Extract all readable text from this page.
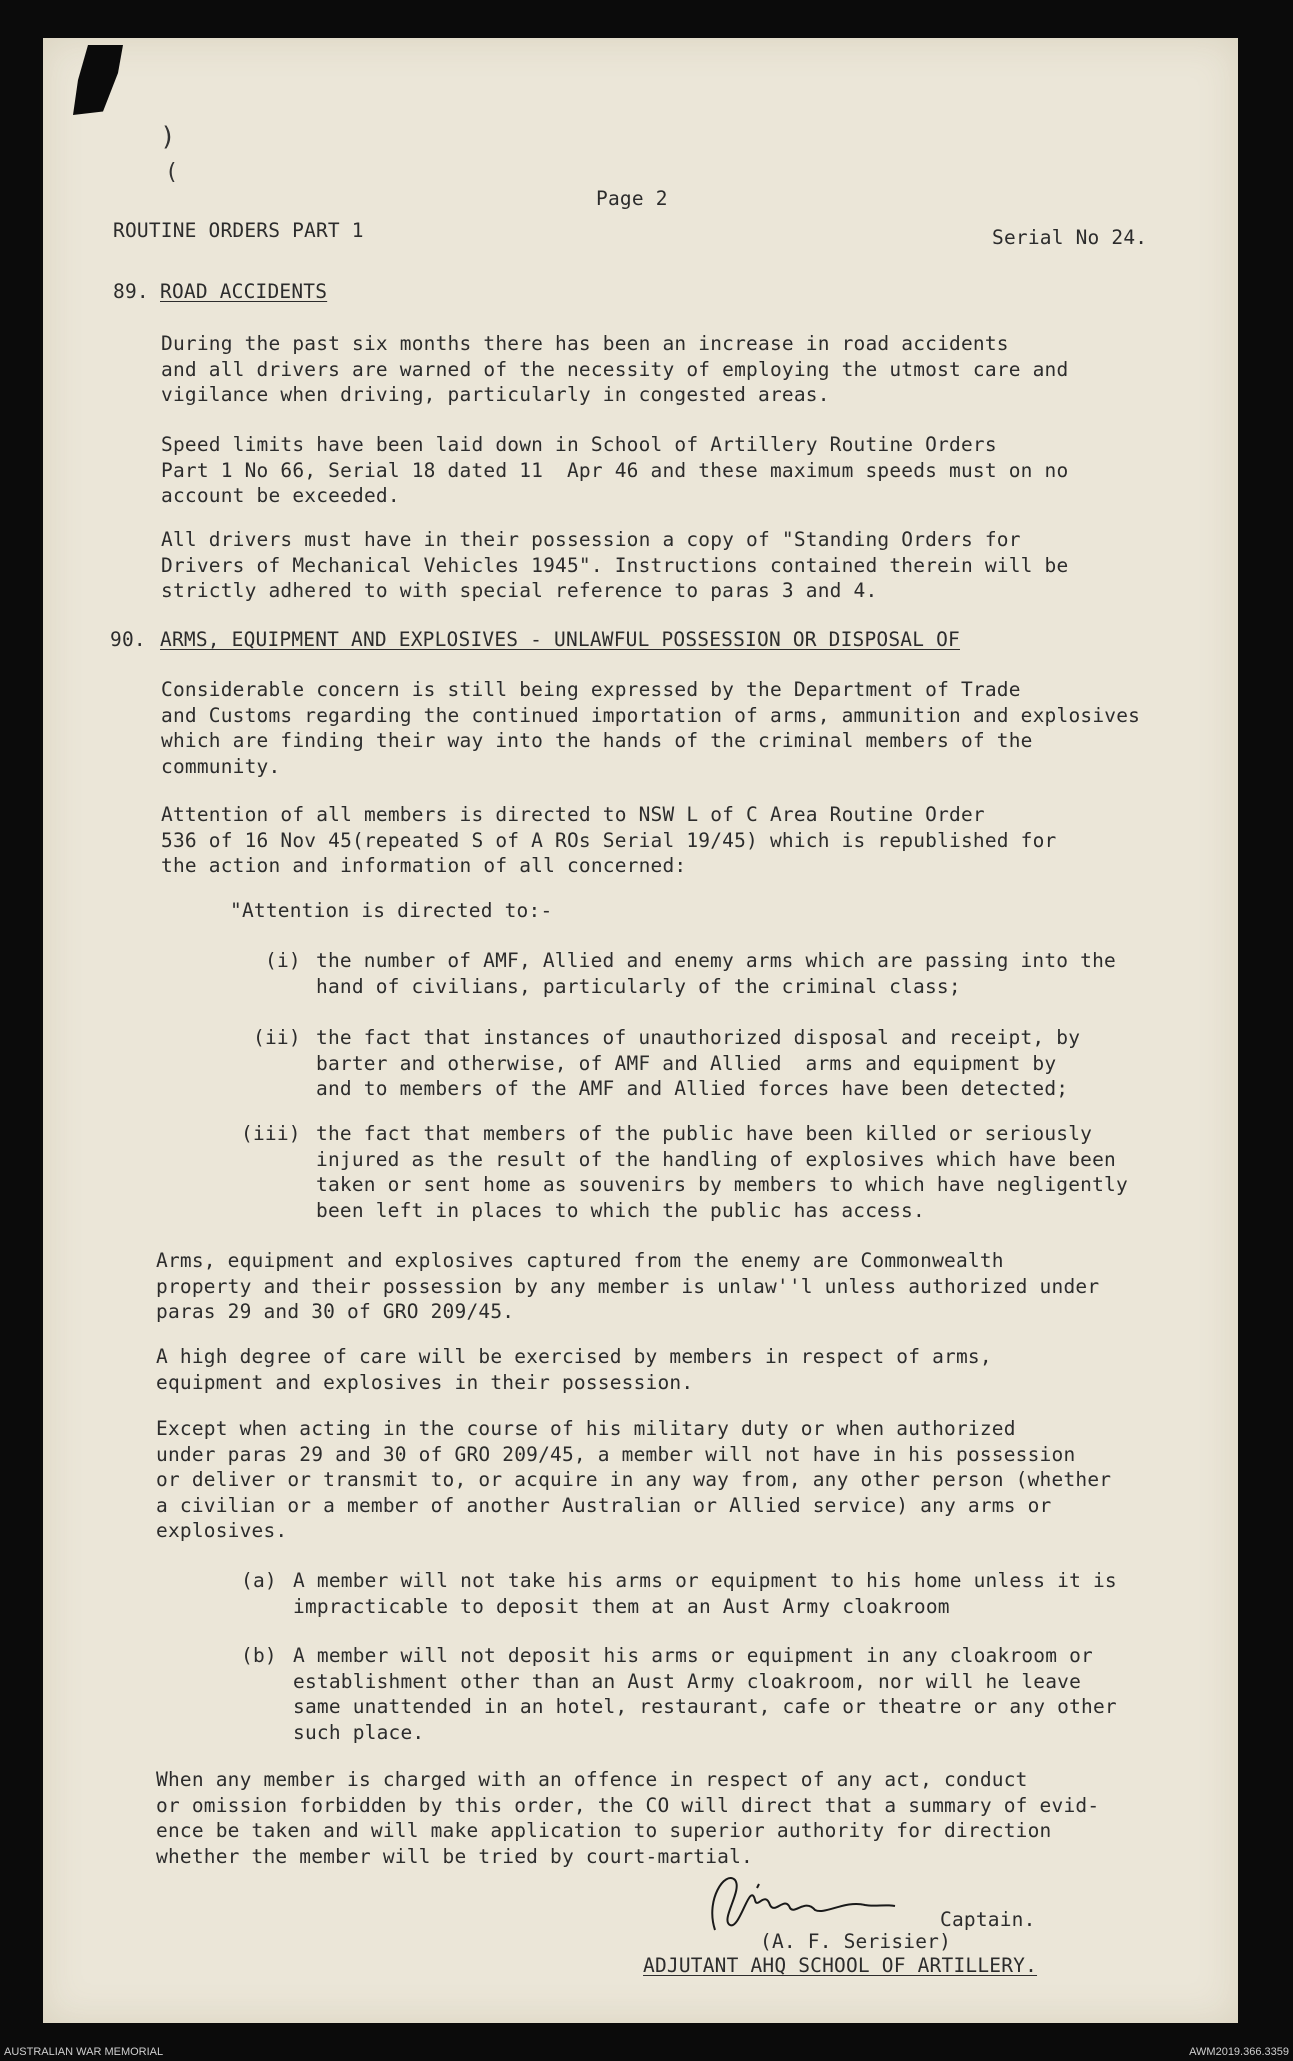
)
(
Page 2
ROUTINE ORDERS PART 1	Serial No 24.
89. ROAD ACCIDENTS
During the past six months there has been an increase in road accidents
and all drivers are warned of the necessity of employing the utmost care and
vigilance when driving, particularly in congested areas.
Speed limits have been laid down in School of Artillery Routine Orders
Part 1 No 66, Serial 18 dated 11  Apr 46 and these maximum speeds must on no
account be exceeded.
All drivers must have in their possession a copy of "Standing Orders for
Drivers of Mechanical Vehicles 1945". Instructions contained therein will be
strictly adhered to with special reference to paras 3 and 4.
90. ARMS, EQUIPMENT AND EXPLOSIVES - UNLAWFUL POSSESSION OR DISPOSAL OF
Considerable concern is still being expressed by the Department of Trade
and Customs regarding the continued importation of arms, ammunition and explosives
which are finding their way into the hands of the criminal members of the
community.
Attention of all members is directed to NSW L of C Area Routine Order
536 of 16 Nov 45(repeated S of A ROs Serial 19/45) which is republished for
the action and information of all concerned:
"Attention is directed to:-
(i) the number of AMF, Allied and enemy arms which are passing into the
hand of civilians, particularly of the criminal class;
(ii) the fact that instances of unauthorized disposal and receipt, by
barter and otherwise, of AMF and Allied  arms and equipment by
and to members of the AMF and Allied forces have been detected;
(iii) the fact that members of the public have been killed or seriously
injured as the result of the handling of explosives which have been
taken or sent home as souvenirs by members to which have negligently
been left in places to which the public has access.
Arms, equipment and explosives captured from the enemy are Commonwealth
property and their possession by any member is unlaw''l unless authorized under
paras 29 and 30 of GRO 209/45.
A high degree of care will be exercised by members in respect of arms,
equipment and explosives in their possession.
Except when acting in the course of his military duty or when authorized
under paras 29 and 30 of GRO 209/45, a member will not have in his possession
or deliver or transmit to, or acquire in any way from, any other person (whether
a civilian or a member of another Australian or Allied service) any arms or
explosives.
(a) A member will not take his arms or equipment to his home unless it is
impracticable to deposit them at an Aust Army cloakroom
(b) A member will not deposit his arms or equipment in any cloakroom or
establishment other than an Aust Army cloakroom, nor will he leave
same unattended in an hotel, restaurant, cafe or theatre or any other
such place.
When any member is charged with an offence in respect of any act, conduct
or omission forbidden by this order, the CO will direct that a summary of evid-
ence be taken and will make application to superior authority for direction
whether the member will be tried by court-martial.
Captain.
(A. F. Serisier)
ADJUTANT AHQ SCHOOL OF ARTILLERY.
AUSTRALIAN WAR MEMORIAL	AWM2019.366.3359
